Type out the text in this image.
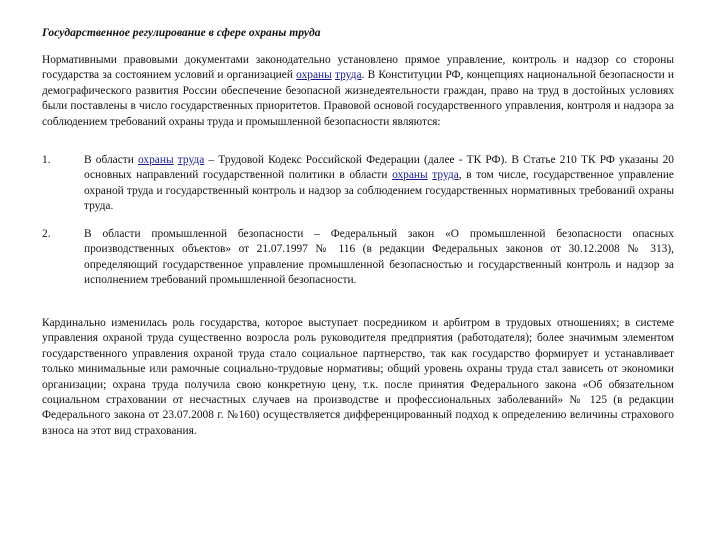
Государственное регулирование в сфере охраны труда
Нормативными правовыми документами законодательно установлено прямое управление, контроль и надзор со стороны государства за состоянием условий и организацией охраны труда. В Конституции РФ, концепциях национальной безопасности и демографического развития России обеспечение безопасной жизнедеятельности граждан, право на труд в достойных условиях были поставлены в число государственных приоритетов. Правовой основой государственного управления, контроля и надзора за соблюдением требований охраны труда и промышленной безопасности являются:
1.	В области охраны труда – Трудовой Кодекс Российской Федерации (далее - ТК РФ). В Статье 210 ТК РФ указаны 20 основных направлений государственной политики в области охраны труда, в том числе, государственное управление охраной труда и государственный контроль и надзор за соблюдением государственных нормативных требований охраны труда.
2.	В области промышленной безопасности – Федеральный закон «О промышленной безопасности опасных производственных объектов» от 21.07.1997 № 116 (в редакции Федеральных законов от 30.12.2008 № 313), определяющий государственное управление промышленной безопасностью и государственный контроль и надзор за исполнением требований промышленной безопасности.
Кардинально изменилась роль государства, которое выступает посредником и арбитром в трудовых отношениях; в системе управления охраной труда существенно возросла роль руководителя предприятия (работодателя); более значимым элементом государственного управления охраной труда стало социальное партнерство, так как государство формирует и устанавливает только минимальные или рамочные социально-трудовые нормативы; общий уровень охраны труда стал зависеть от экономики организации; охрана труда получила свою конкретную цену, т.к. после принятия Федерального закона «Об обязательном социальном страховании от несчастных случаев на производстве и профессиональных заболеваний» № 125 (в редакции Федерального закона от 23.07.2008 г. №160) осуществляется дифференцированный подход к определению величины страхового взноса на этот вид страхования.
